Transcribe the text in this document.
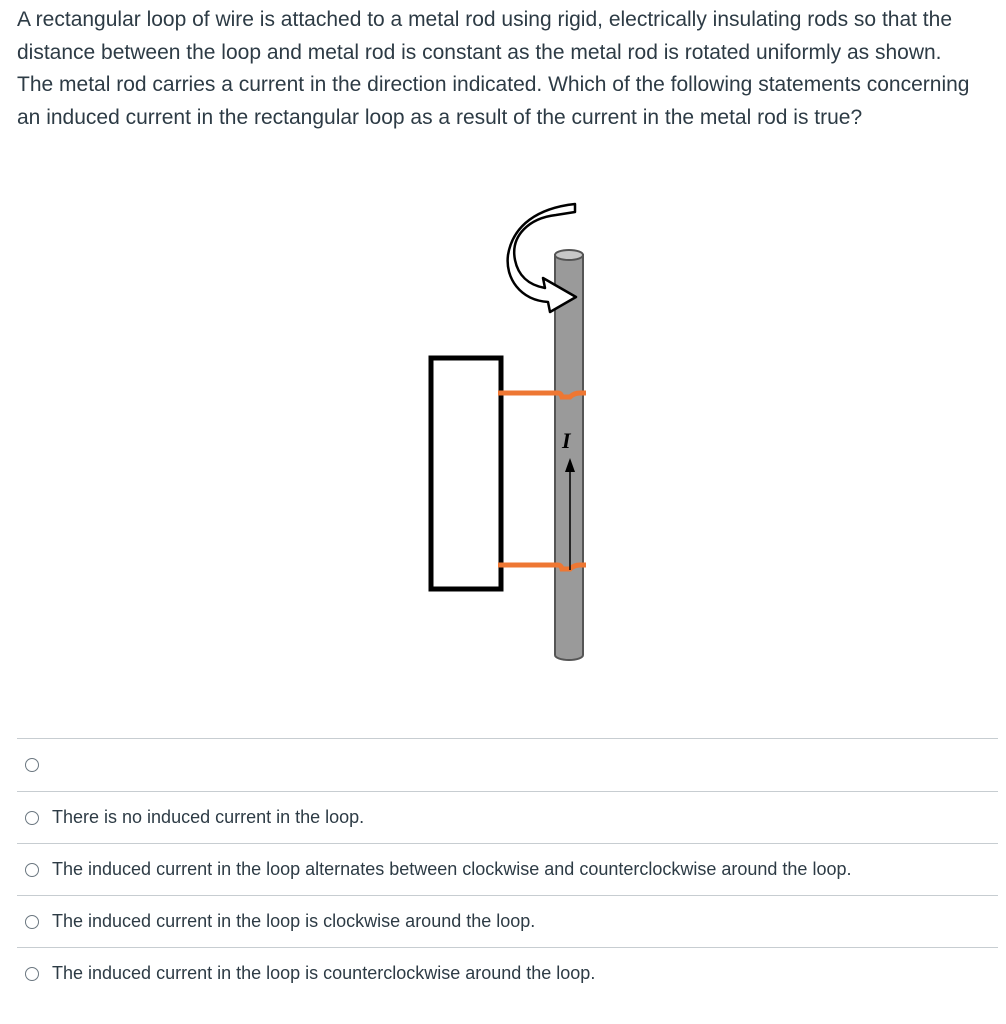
A rectangular loop of wire is attached to a metal rod using rigid, electrically insulating rods so that the distance between the loop and metal rod is constant as the metal rod is rotated uniformly as shown. The metal rod carries a current in the direction indicated. Which of the following statements concerning an induced current in the rectangular loop as a result of the current in the metal rod is true?

I
There is no induced current in the loop.
The induced current in the loop alternates between clockwise and counterclockwise around the loop.
The induced current in the loop is clockwise around the loop.
The induced current in the loop is counterclockwise around the loop.
